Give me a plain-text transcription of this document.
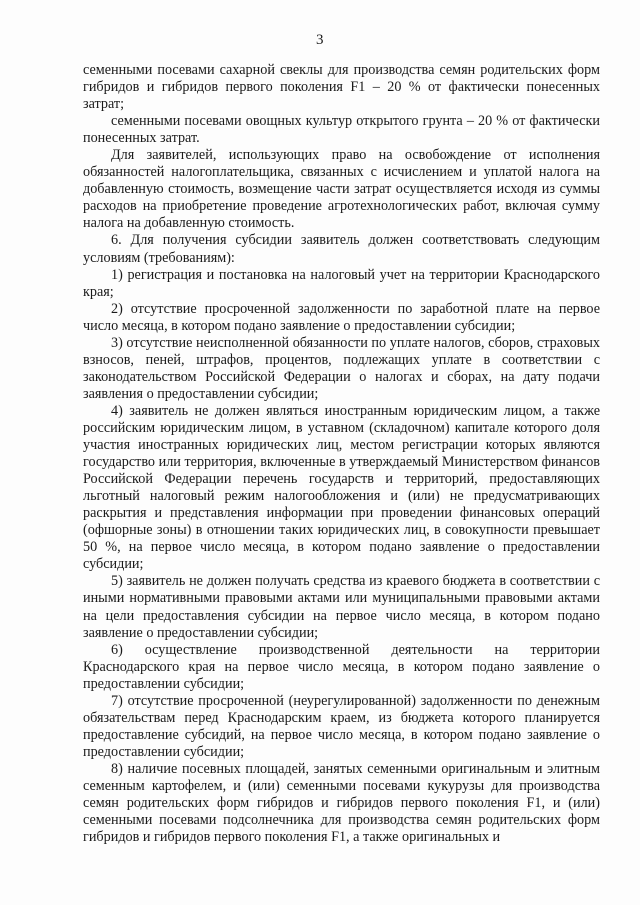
3

семенными посевами сахарной свеклы для производства семян родительских форм гибридов и гибридов первого поколения F1 – 20 % от фактически понесенных затрат;

семенными посевами овощных культур открытого грунта – 20 % от фактически понесенных затрат.

Для заявителей, использующих право на освобождение от исполнения обязанностей налогоплательщика, связанных с исчислением и уплатой налога на добавленную стоимость, возмещение части затрат осуществляется исходя из суммы расходов на приобретение проведение агротехнологических работ, включая сумму налога на добавленную стоимость.

6. Для получения субсидии заявитель должен соответствовать следующим условиям (требованиям):

1) регистрация и постановка на налоговый учет на территории Краснодарского края;

2) отсутствие просроченной задолженности по заработной плате на первое число месяца, в котором подано заявление о предоставлении субсидии;

3) отсутствие неисполненной обязанности по уплате налогов, сборов, страховых взносов, пеней, штрафов, процентов, подлежащих уплате в соответствии с законодательством Российской Федерации о налогах и сборах, на дату подачи заявления о предоставлении субсидии;

4) заявитель не должен являться иностранным юридическим лицом, а также российским юридическим лицом, в уставном (складочном) капитале которого доля участия иностранных юридических лиц, местом регистрации которых являются государство или территория, включенные в утверждаемый Министерством финансов Российской Федерации перечень государств и территорий, предоставляющих льготный налоговый режим налогообложения и (или) не предусматривающих раскрытия и представления информации при проведении финансовых операций (офшорные зоны) в отношении таких юридических лиц, в совокупности превышает 50 %, на первое число месяца, в котором подано заявление о предоставлении субсидии;

5) заявитель не должен получать средства из краевого бюджета в соответствии с иными нормативными правовыми актами или муниципальными правовыми актами на цели предоставления субсидии на первое число месяца, в котором подано заявление о предоставлении субсидии;

6) осуществление производственной деятельности на территории Краснодарского края на первое число месяца, в котором подано заявление о предоставлении субсидии;

7) отсутствие просроченной (неурегулированной) задолженности по денежным обязательствам перед Краснодарским краем, из бюджета которого планируется предоставление субсидий, на первое число месяца, в котором подано заявление о предоставлении субсидии;

8) наличие посевных площадей, занятых семенными оригинальным и элитным семенным картофелем, и (или) семенными посевами кукурузы для производства семян родительских форм гибридов и гибридов первого поколения F1, и (или) семенными посевами подсолнечника для производства семян родительских форм гибридов и гибридов первого поколения F1, а также оригинальных и
